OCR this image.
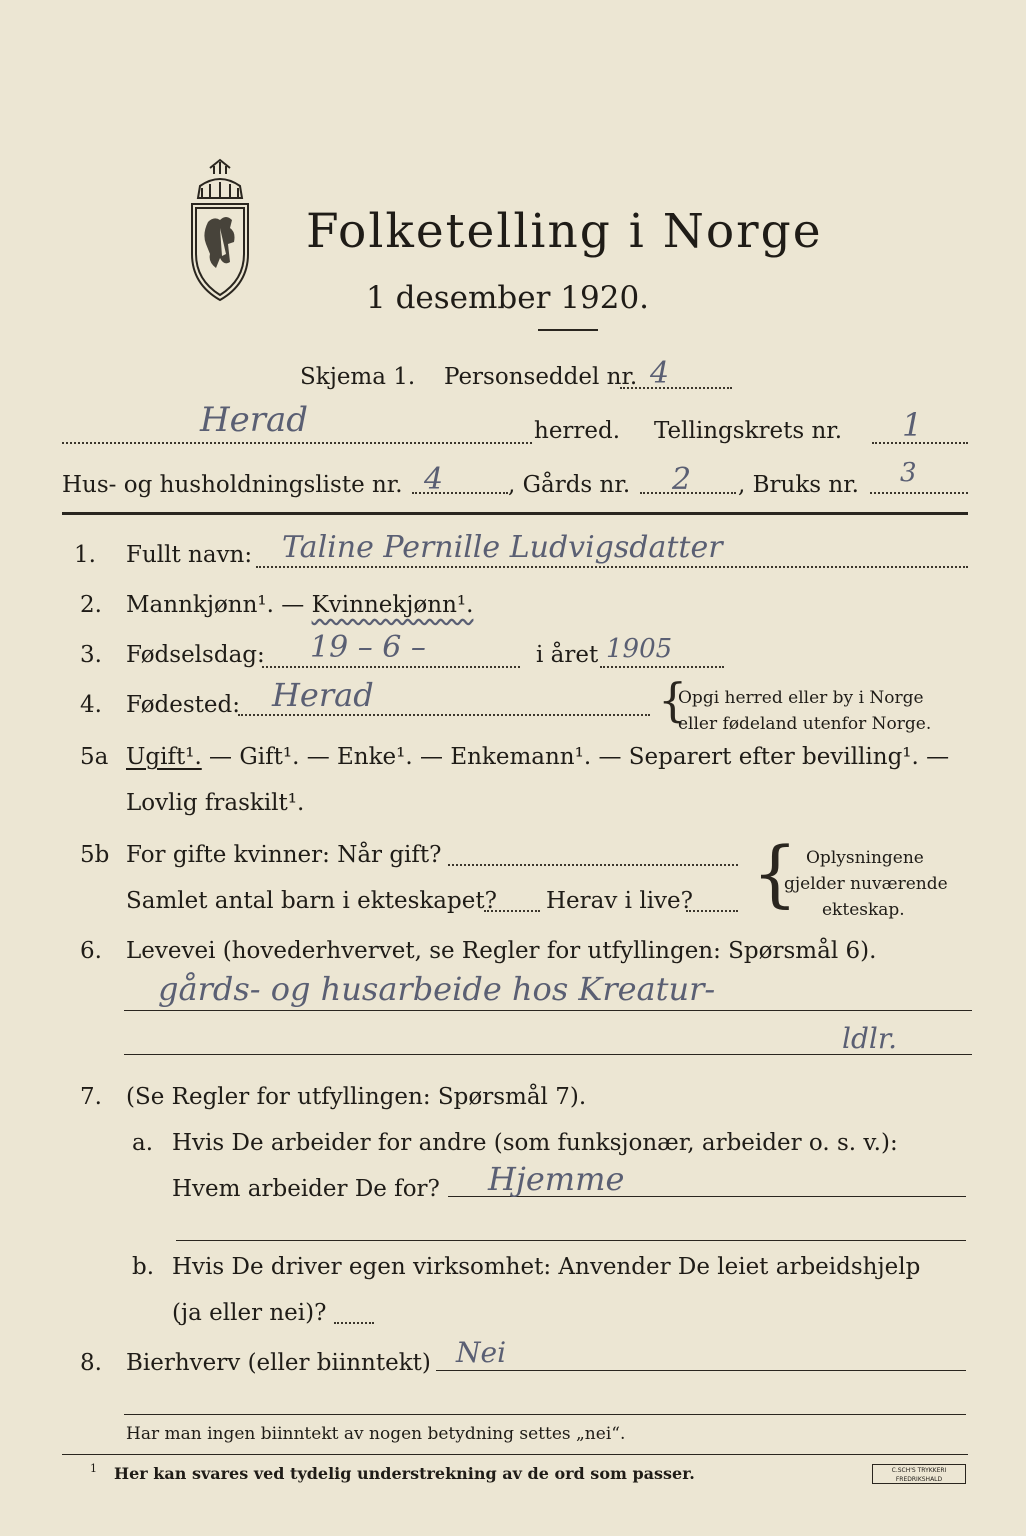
Folketelling i Norge
1 desember 1920.
Skjema 1. Personseddel nr. 4
Herad	herred. Tellingskrets nr. 1
Hus- og husholdningsliste nr. 4	, Gårds nr. 2 , Bruks nr. 3
1. Fullt navn: Taline Pernille Ludvigsdatter
2. Mannkjønn¹. — Kvinnekjønn¹.
3. Fødselsdag: 19 – 6 –	i året 1905
4. Fødested: Herad	{
Opgi herred eller by i Norge
eller fødeland utenfor Norge.
5a Ugift¹. — Gift¹. — Enke¹. — Enkemann¹. — Separert efter bevilling¹. —
Lovlig fraskilt¹.
5b For gifte kvinner: Når gift?
Samlet antal barn i ekteskapet? Herav i live? { Oplysningene
gjelder nuværende
ekteskap.
6. Levevei (hovederhvervet, se Regler for utfyllingen: Spørsmål 6).
gårds- og husarbeide hos Kreatur-
ldlr.
7. (Se Regler for utfyllingen: Spørsmål 7).
a. Hvis De arbeider for andre (som funksjonær, arbeider o. s. v.):
Hvem arbeider De for? Hjemme
b. Hvis De driver egen virksomhet: Anvender De leiet arbeidshjelp
(ja eller nei)?
8. Bierhverv (eller biinntekt) Nei
Har man ingen biinntekt av nogen betydning settes „nei“.
1 Her kan svares ved tydelig understrekning av de ord som passer.	C.SCH'S TRYKKERI
FREDRIKSHALD
